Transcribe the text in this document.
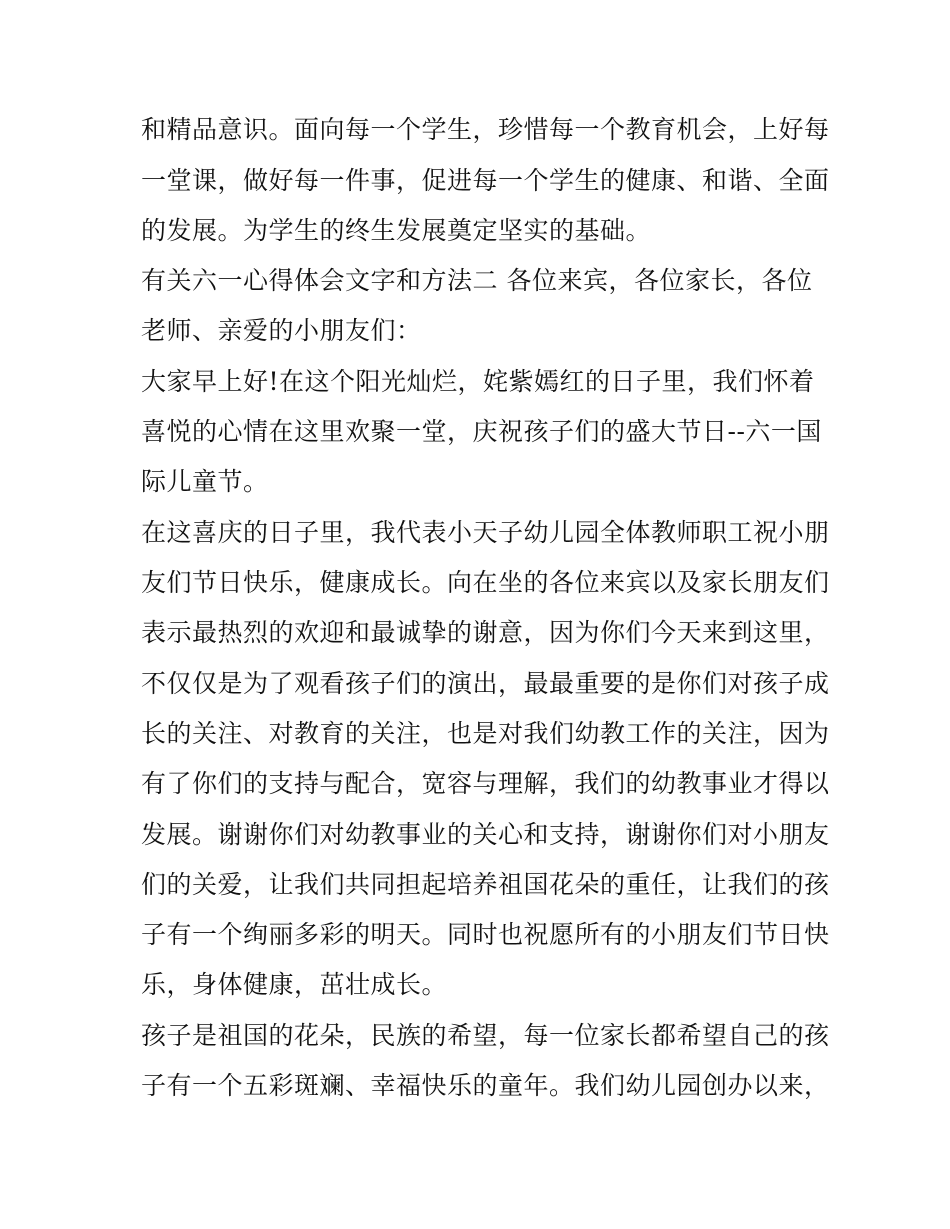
和精品意识。面向每一个学生，珍惜每一个教育机会，上好每
一堂课，做好每一件事，促进每一个学生的健康、和谐、全面
的发展。为学生的终生发展奠定坚实的基础。
有关六一心得体会文字和方法二 各位来宾，各位家长，各位
老师、亲爱的小朋友们：
大家早上好!在这个阳光灿烂，姹紫嫣红的日子里，我们怀着
喜悦的心情在这里欢聚一堂，庆祝孩子们的盛大节日--六一国
际儿童节。
在这喜庆的日子里，我代表小天子幼儿园全体教师职工祝小朋
友们节日快乐，健康成长。向在坐的各位来宾以及家长朋友们
表示最热烈的欢迎和最诚挚的谢意，因为你们今天来到这里，
不仅仅是为了观看孩子们的演出，最最重要的是你们对孩子成
长的关注、对教育的关注，也是对我们幼教工作的关注，因为
有了你们的支持与配合，宽容与理解，我们的幼教事业才得以
发展。谢谢你们对幼教事业的关心和支持，谢谢你们对小朋友
们的关爱，让我们共同担起培养祖国花朵的重任，让我们的孩
子有一个绚丽多彩的明天。同时也祝愿所有的小朋友们节日快
乐，身体健康，茁壮成长。
孩子是祖国的花朵，民族的希望，每一位家长都希望自己的孩
子有一个五彩斑斓、幸福快乐的童年。我们幼儿园创办以来，
